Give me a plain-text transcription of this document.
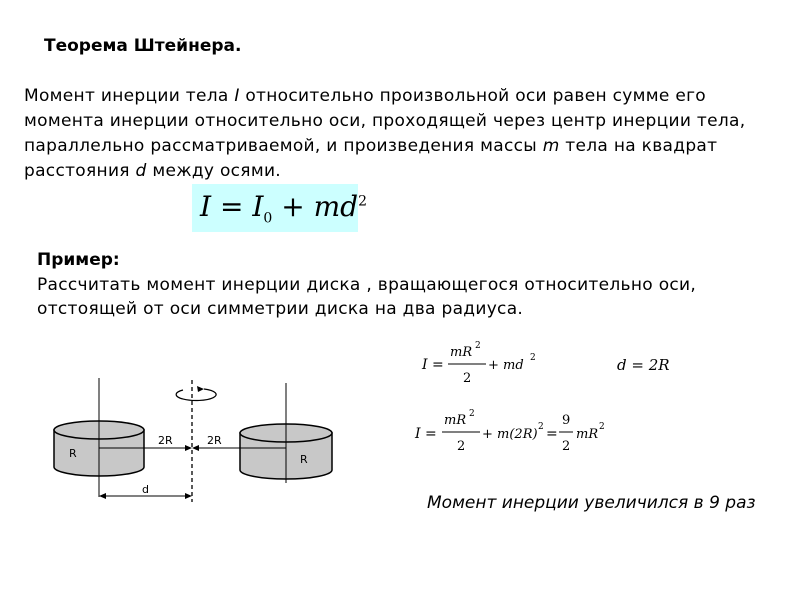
Теорема Штейнера.
Момент инерции тела I относительно произвольной оси равен сумме его момента инерции относительно оси, проходящей через центр инерции тела, параллельно рассматриваемой, и произведения массы m тела на квадрат расстояния d между осями.
$I = I_0 + md^2$
Пример:
Рассчитать момент инерции диска , вращающегося относительно оси, отстоящей от оси симметрии диска на два радиуса.
I =
mR 2
2
+ md 2	d = 2R
I =
mR 2
2
+ m(2R) 2 =
9
2
mR 2
R	R
2R	2R
d
Момент инерции увеличился в 9 раз
